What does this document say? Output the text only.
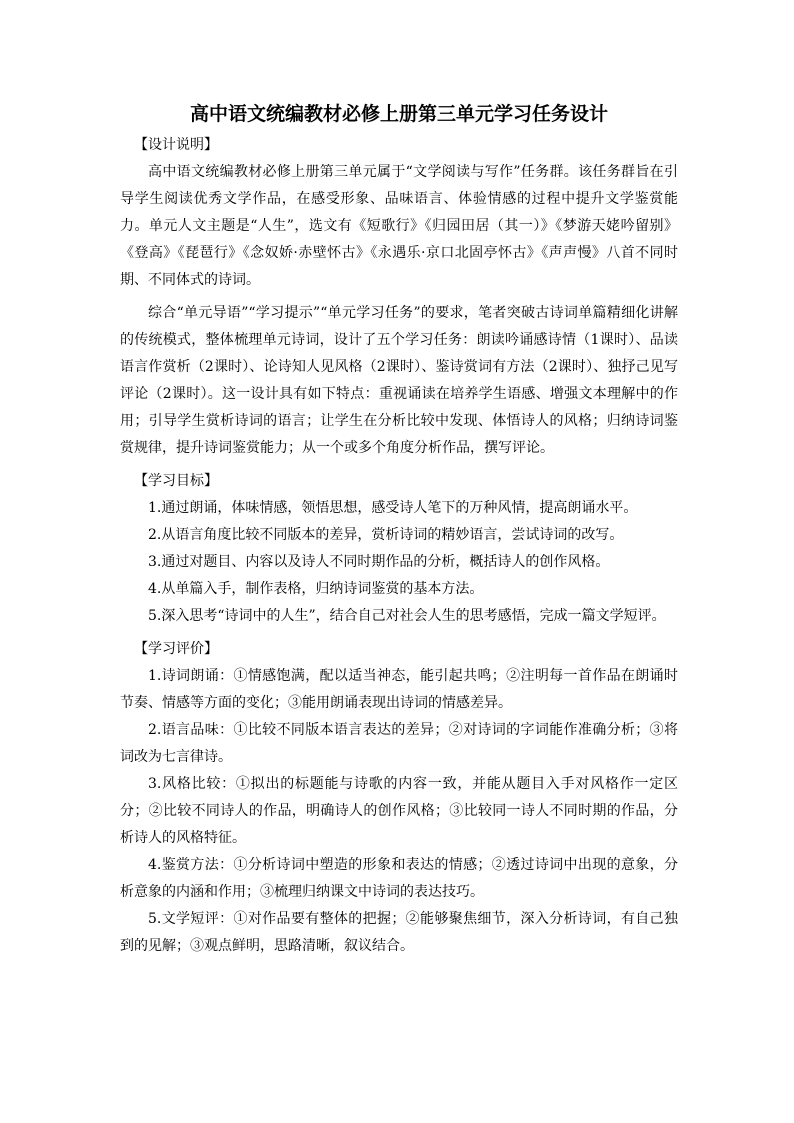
高中语文统编教材必修上册第三单元学习任务设计

【设计说明】

高中语文统编教材必修上册第三单元属于“文学阅读与写作”任务群。该任务群旨在引导学生阅读优秀文学作品，在感受形象、品味语言、体验情感的过程中提升文学鉴赏能力。单元人文主题是“人生”，选文有《短歌行》《归园田居（其一）》《梦游天姥吟留别》《登高》《琵琶行》《念奴娇·赤壁怀古》《永遇乐·京口北固亭怀古》《声声慢》八首不同时期、不同体式的诗词。

综合“单元导语”“学习提示”“单元学习任务”的要求，笔者突破古诗词单篇精细化讲解的传统模式，整体梳理单元诗词，设计了五个学习任务：朗读吟诵感诗情（1课时）、品读语言作赏析（2课时）、论诗知人见风格（2课时）、鉴诗赏词有方法（2课时）、独抒己见写评论（2课时）。这一设计具有如下特点：重视诵读在培养学生语感、增强文本理解中的作用；引导学生赏析诗词的语言；让学生在分析比较中发现、体悟诗人的风格；归纳诗词鉴赏规律，提升诗词鉴赏能力；从一个或多个角度分析作品，撰写评论。

【学习目标】

1.通过朗诵，体味情感，领悟思想，感受诗人笔下的万种风情，提高朗诵水平。

2.从语言角度比较不同版本的差异，赏析诗词的精妙语言，尝试诗词的改写。

3.通过对题目、内容以及诗人不同时期作品的分析，概括诗人的创作风格。

4.从单篇入手，制作表格，归纳诗词鉴赏的基本方法。

5.深入思考“诗词中的人生”，结合自己对社会人生的思考感悟，完成一篇文学短评。

【学习评价】

1.诗词朗诵：①情感饱满，配以适当神态，能引起共鸣；②注明每一首作品在朗诵时节奏、情感等方面的变化；③能用朗诵表现出诗词的情感差异。

2.语言品味：①比较不同版本语言表达的差异；②对诗词的字词能作准确分析；③将词改为七言律诗。

3.风格比较：①拟出的标题能与诗歌的内容一致，并能从题目入手对风格作一定区分；②比较不同诗人的作品，明确诗人的创作风格；③比较同一诗人不同时期的作品，分析诗人的风格特征。

4.鉴赏方法：①分析诗词中塑造的形象和表达的情感；②透过诗词中出现的意象，分析意象的内涵和作用；③梳理归纳课文中诗词的表达技巧。

5.文学短评：①对作品要有整体的把握；②能够聚焦细节，深入分析诗词，有自己独到的见解；③观点鲜明，思路清晰，叙议结合。
